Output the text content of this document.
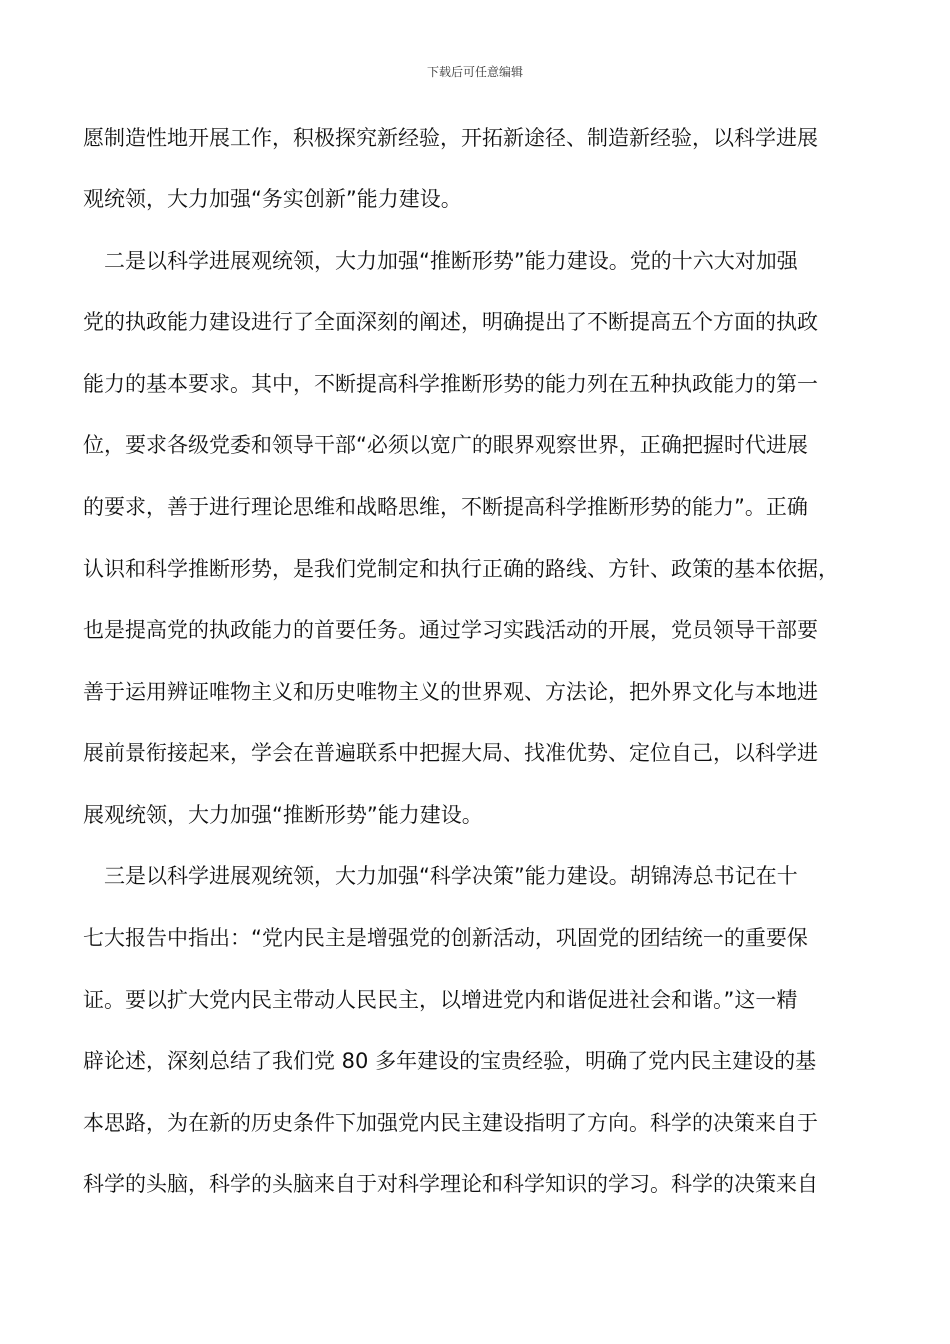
下载后可任意编辑
愿制造性地开展工作，积极探究新经验，开拓新途径、制造新经验，以科学进展
观统领，大力加强“务实创新”能力建设。
二是以科学进展观统领，大力加强“推断形势”能力建设。党的十六大对加强
党的执政能力建设进行了全面深刻的阐述，明确提出了不断提高五个方面的执政
能力的基本要求。其中，不断提高科学推断形势的能力列在五种执政能力的第一
位，要求各级党委和领导干部“必须以宽广的眼界观察世界，正确把握时代进展
的要求，善于进行理论思维和战略思维，不断提高科学推断形势的能力”。正确
认识和科学推断形势，是我们党制定和执行正确的路线、方针、政策的基本依据，
也是提高党的执政能力的首要任务。通过学习实践活动的开展，党员领导干部要
善于运用辨证唯物主义和历史唯物主义的世界观、方法论，把外界文化与本地进
展前景衔接起来，学会在普遍联系中把握大局、找准优势、定位自己，以科学进
展观统领，大力加强“推断形势”能力建设。
三是以科学进展观统领，大力加强“科学决策”能力建设。胡锦涛总书记在十
七大报告中指出：“党内民主是增强党的创新活动，巩固党的团结统一的重要保
证。要以扩大党内民主带动人民民主，以增进党内和谐促进社会和谐。”这一精
辟论述，深刻总结了我们党 80 多年建设的宝贵经验，明确了党内民主建设的基
本思路，为在新的历史条件下加强党内民主建设指明了方向。科学的决策来自于
科学的头脑，科学的头脑来自于对科学理论和科学知识的学习。科学的决策来自
